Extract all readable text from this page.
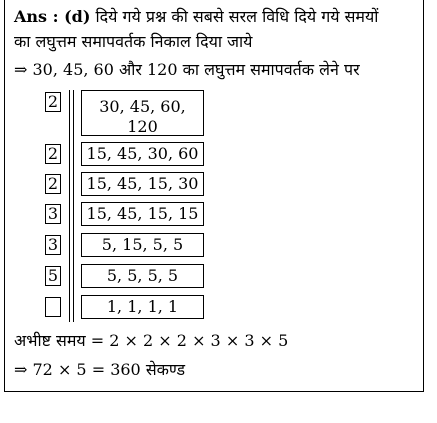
Ans : (d) दिये गये प्रश्न की सबसे सरल विधि दिये गये समयों
का लघुत्तम समापवर्तक निकाल दिया जाये
⇒ 30, 45, 60 और 120 का लघुत्तम समापवर्तक लेने पर
2	30, 45, 60,
120
2	15, 45, 30, 60
2	15, 45, 15, 30
3	15, 45, 15, 15
3	5, 15, 5, 5
5	5, 5, 5, 5
1, 1, 1, 1
अभीष्ट समय = 2 × 2 × 2 × 3 × 3 × 5
⇒ 72 × 5 = 360 सेकण्ड
